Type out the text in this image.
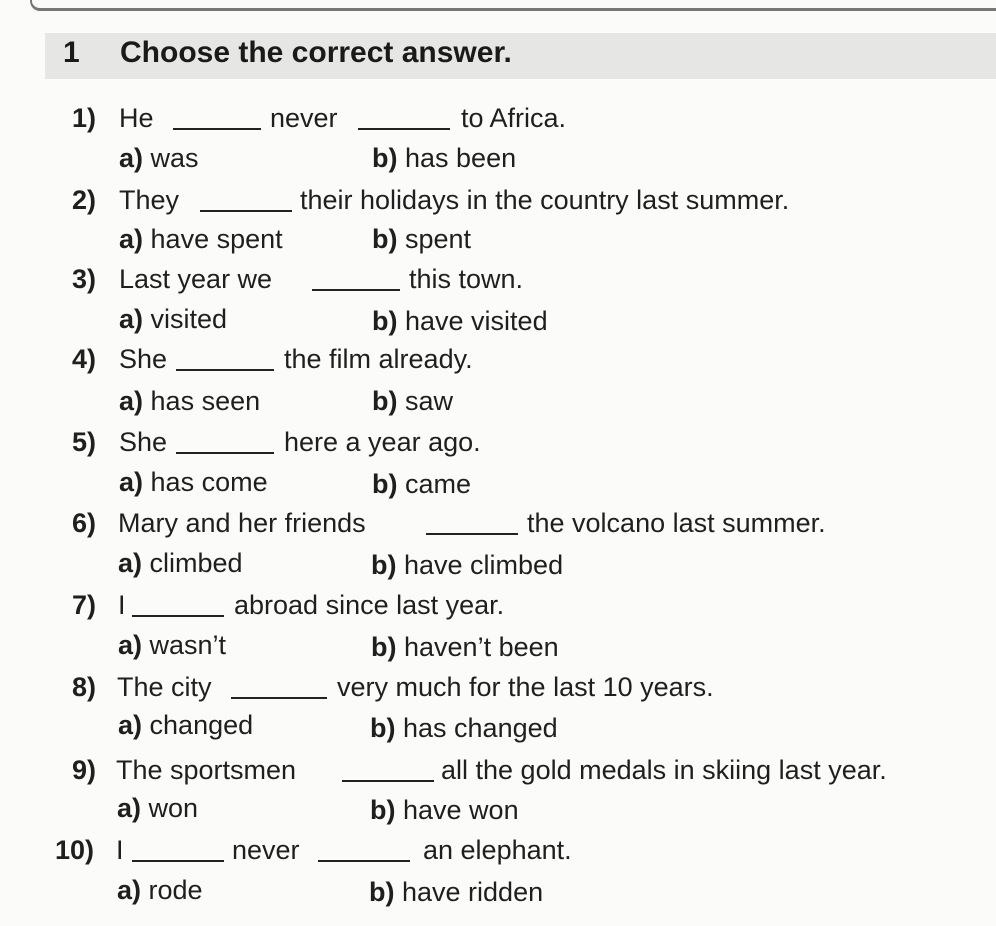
1 Choose the correct answer.
1) He	never	to Africa.
a) was	b) has been
2) They	their holidays in the country last summer.
a) have spent	b) spent
3) Last year we	this town.
a) visited	b) have visited
4) She	the film already.
a) has seen	b) saw
5) She	here a year ago.
a) has come	b) came
6) Mary and her friends	the volcano last summer.
a) climbed	b) have climbed
7) I	abroad since last year.
a) wasn’t	b) haven’t been
8) The city	very much for the last 10 years.
a) changed	b) has changed
9) The sportsmen	all the gold medals in skiing last year.
a) won	b) have won
10) I	never	an elephant.
a) rode	b) have ridden
